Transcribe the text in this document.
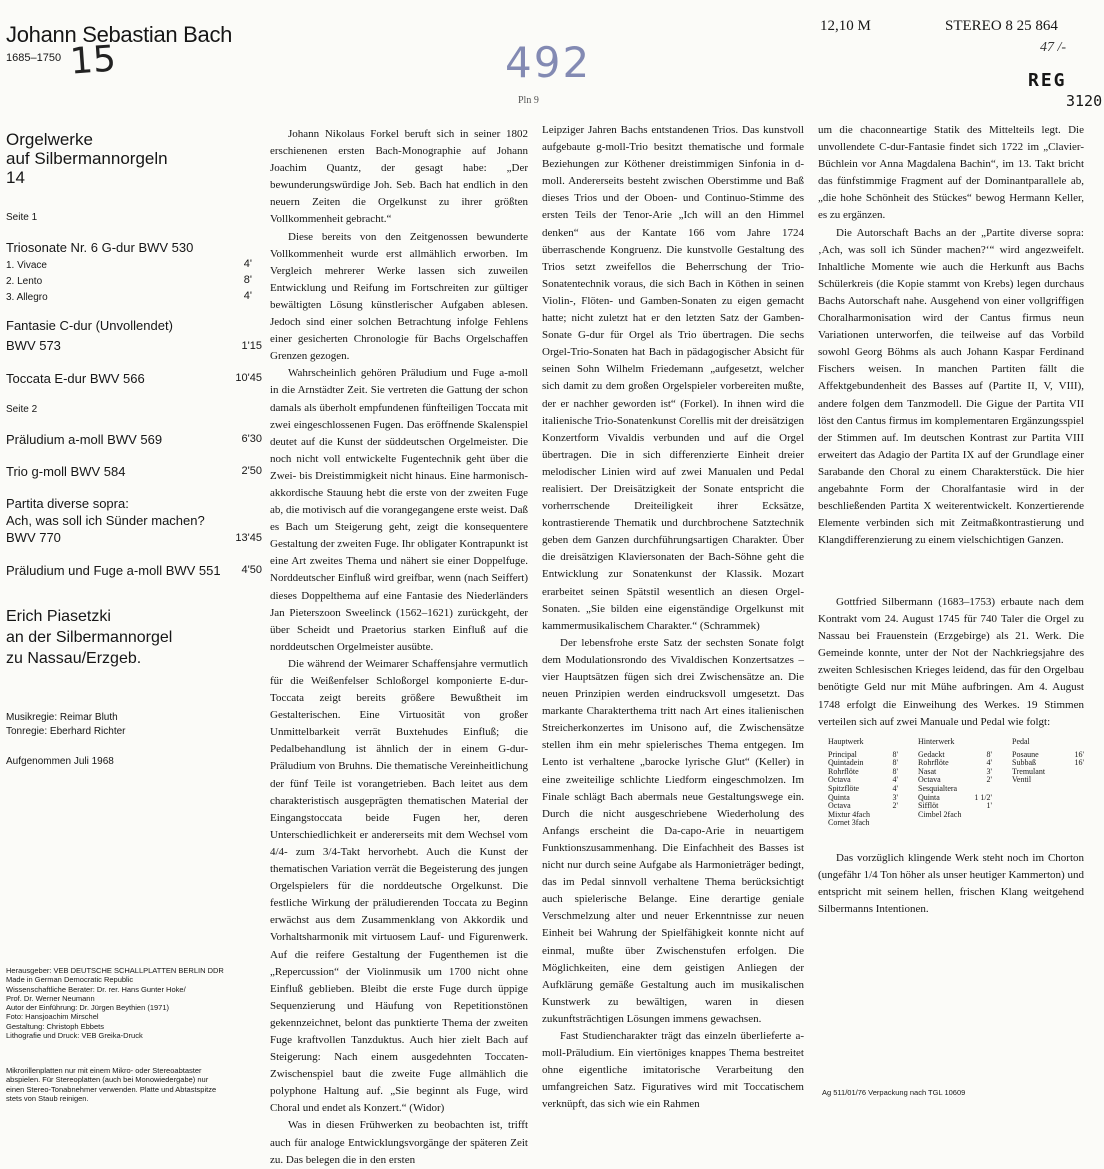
Johann Sebastian Bach
1685–1750 15	492
Pln 9
12,10 M	STEREO 8 25 864
47 /-
REG
3120
Orgelwerke
auf Silbermannorgeln
14
Seite 1
Triosonate Nr. 6 G-dur BWV 530
1. Vivace	4'
2. Lento	8'
3. Allegro	4'
Fantasie C-dur (Unvollendet)
BWV 573	1'15
Toccata E-dur BWV 566	10'45
Seite 2
Präludium a-moll BWV 569	6'30
Trio g-moll BWV 584	2'50
Partita diverse sopra:
Ach, was soll ich Sünder machen?
BWV 770	13'45
Präludium und Fuge a-moll BWV 551	4'50
Erich Piasetzki
an der Silbermannorgel
zu Nassau/Erzgeb.
Musikregie: Reimar Bluth
Tonregie: Eberhard Richter
Aufgenommen Juli 1968
Herausgeber: VEB DEUTSCHE SCHALLPLATTEN BERLIN DDR
Made in German Democratic Republic
Wissenschaftliche Berater: Dr. rer. Hans Gunter Hoke/
Prof. Dr. Werner Neumann
Autor der Einführung: Dr. Jürgen Beythien (1971)
Foto: Hansjoachim Mirschel
Gestaltung: Christoph Ebbets
Lithografie und Druck: VEB Greika-Druck
Mikrorillenplatten nur mit einem Mikro- oder Stereoabtaster
abspielen. Für Stereoplatten (auch bei Monowiedergabe) nur
einen Stereo-Tonabnehmer verwenden. Platte und Abtastspitze
stets von Staub reinigen.

Johann Nikolaus Forkel beruft sich in seiner 1802 erschienenen ersten Bach-Monographie auf Johann Joachim Quantz, der gesagt habe: „Der bewunderungswürdige Joh. Seb. Bach hat endlich in den neuern Zeiten die Orgelkunst zu ihrer größten Vollkommenheit gebracht.“

Diese bereits von den Zeitgenossen bewunderte Vollkommenheit wurde erst allmählich erworben. Im Vergleich mehrerer Werke lassen sich zuweilen Entwicklung und Reifung im Fortschreiten zur gültiger bewältigten Lösung künstlerischer Aufgaben ablesen. Jedoch sind einer solchen Betrachtung infolge Fehlens einer gesicherten Chronologie für Bachs Orgelschaffen Grenzen gezogen.

Wahrscheinlich gehören Präludium und Fuge a-moll in die Arnstädter Zeit. Sie vertreten die Gattung der schon damals als überholt empfundenen fünfteiligen Toccata mit zwei eingeschlossenen Fugen. Das eröffnende Skalenspiel deutet auf die Kunst der süddeutschen Orgelmeister. Die noch nicht voll entwickelte Fugentechnik geht über die Zwei- bis Dreistimmigkeit nicht hinaus. Eine harmonisch-akkordische Stauung hebt die erste von der zweiten Fuge ab, die motivisch auf die vorangegangene erste weist. Daß es Bach um Steigerung geht, zeigt die konsequentere Gestaltung der zweiten Fuge. Ihr obligater Kontrapunkt ist eine Art zweites Thema und nähert sie einer Doppelfuge. Norddeutscher Einfluß wird greifbar, wenn (nach Seiffert) dieses Doppelthema auf eine Fantasie des Niederländers Jan Pieterszoon Sweelinck (1562–1621) zurückgeht, der über Scheidt und Praetorius starken Einfluß auf die norddeutschen Orgelmeister ausübte.

Die während der Weimarer Schaffensjahre vermutlich für die Weißenfelser Schloßorgel komponierte E-dur-Toccata zeigt bereits größere Bewußtheit im Gestalterischen. Eine Virtuosität von großer Unmittelbarkeit verrät Buxtehudes Einfluß; die Pedalbehandlung ist ähnlich der in einem G-dur-Präludium von Bruhns. Die thematische Vereinheitlichung der fünf Teile ist vorangetrieben. Bach leitet aus dem charakteristisch ausgeprägten thematischen Material der Eingangstoccata beide Fugen her, deren Unterschiedlichkeit er andererseits mit dem Wechsel vom 4/4- zum 3/4-Takt hervorhebt. Auch die Kunst der thematischen Variation verrät die Begeisterung des jungen Orgelspielers für die norddeutsche Orgelkunst. Die festliche Wirkung der präludierenden Toccata zu Beginn erwächst aus dem Zusammenklang von Akkordik und Vorhaltsharmonik mit virtuosem Lauf- und Figurenwerk. Auf die reifere Gestaltung der Fugenthemen ist die „Repercussion“ der Violinmusik um 1700 nicht ohne Einfluß geblieben. Bleibt die erste Fuge durch üppige Sequenzierung und Häufung von Repetitionstönen gekennzeichnet, belont das punktierte Thema der zweiten Fuge kraftvollen Tanzduktus. Auch hier zielt Bach auf Steigerung: Nach einem ausgedehnten Toccaten-Zwischenspiel baut die zweite Fuge allmählich die polyphone Haltung auf. „Sie beginnt als Fuge, wird Choral und endet als Konzert.“ (Widor)

Was in diesen Frühwerken zu beobachten ist, trifft auch für analoge Entwicklungsvorgänge der späteren Zeit zu. Das belegen die in den ersten

Leipziger Jahren Bachs entstandenen Trios. Das kunstvoll aufgebaute g-moll-Trio besitzt thematische und formale Beziehungen zur Köthener dreistimmigen Sinfonia in d-moll. Andererseits besteht zwischen Oberstimme und Baß dieses Trios und der Oboen- und Continuo-Stimme des ersten Teils der Tenor-Arie „Ich will an den Himmel denken“ aus der Kantate 166 vom Jahre 1724 überraschende Kongruenz. Die kunstvolle Gestaltung des Trios setzt zweifellos die Beherrschung der Trio-Sonatentechnik voraus, die sich Bach in Köthen in seinen Violin-, Flöten- und Gamben-Sonaten zu eigen gemacht hatte; nicht zuletzt hat er den letzten Satz der Gamben-Sonate G-dur für Orgel als Trio übertragen. Die sechs Orgel-Trio-Sonaten hat Bach in pädagogischer Absicht für seinen Sohn Wilhelm Friedemann „aufgesetzt, welcher sich damit zu dem großen Orgelspieler vorbereiten mußte, der er nachher geworden ist“ (Forkel). In ihnen wird die italienische Trio-Sonatenkunst Corellis mit der dreisätzigen Konzertform Vivaldis verbunden und auf die Orgel übertragen. Die in sich differenzierte Einheit dreier melodischer Linien wird auf zwei Manualen und Pedal realisiert. Der Dreisätzigkeit der Sonate entspricht die vorherrschende Dreiteiligkeit ihrer Ecksätze, kontrastierende Thematik und durchbrochene Satztechnik geben dem Ganzen durchführungsartigen Charakter. Über die dreisätzigen Klaviersonaten der Bach-Söhne geht die Entwicklung zur Sonatenkunst der Klassik. Mozart erarbeitet seinen Spätstil wesentlich an diesen Orgel-Sonaten. „Sie bilden eine eigenständige Orgelkunst mit kammermusikalischem Charakter.“ (Schrammek)

Der lebensfrohe erste Satz der sechsten Sonate folgt dem Modulationsrondo des Vivaldischen Konzertsatzes – vier Hauptsätzen fügen sich drei Zwischensätze an. Die neuen Prinzipien werden eindrucksvoll umgesetzt. Das markante Charakterthema tritt nach Art eines italienischen Streicherkonzertes im Unisono auf, die Zwischensätze stellen ihm ein mehr spielerisches Thema entgegen. Im Lento ist verhaltene „barocke lyrische Glut“ (Keller) in eine zweiteilige schlichte Liedform eingeschmolzen. Im Finale schlägt Bach abermals neue Gestaltungswege ein. Durch die nicht ausgeschriebene Wiederholung des Anfangs erscheint die Da-capo-Arie in neuartigem Funktionszusammenhang. Die Einfachheit des Basses ist nicht nur durch seine Aufgabe als Harmonieträger bedingt, das im Pedal sinnvoll verhaltene Thema berücksichtigt auch spielerische Belange. Eine derartige geniale Verschmelzung alter und neuer Erkenntnisse zur neuen Einheit bei Wahrung der Spielfähigkeit konnte nicht auf einmal, mußte über Zwischenstufen erfolgen. Die Möglichkeiten, eine dem geistigen Anliegen der Aufklärung gemäße Gestaltung auch im musikalischen Kunstwerk zu bewältigen, waren in diesen zukunftsträchtigen Lösungen immens gewachsen.

Fast Studiencharakter trägt das einzeln überlieferte a-moll-Präludium. Ein viertöniges knappes Thema bestreitet ohne eigentliche imitatorische Verarbeitung den umfangreichen Satz. Figuratives wird mit Toccatischem verknüpft, das sich wie ein Rahmen

um die chaconneartige Statik des Mittelteils legt. Die unvollendete C-dur-Fantasie findet sich 1722 im „Clavier-Büchlein vor Anna Magdalena Bachin“, im 13. Takt bricht das fünfstimmige Fragment auf der Dominantparallele ab, „die hohe Schönheit des Stückes“ bewog Hermann Keller, es zu ergänzen.

Die Autorschaft Bachs an der „Partite diverse sopra: ‚Ach, was soll ich Sünder machen?‘“ wird angezweifelt. Inhaltliche Momente wie auch die Herkunft aus Bachs Schülerkreis (die Kopie stammt von Krebs) legen durchaus Bachs Autorschaft nahe. Ausgehend von einer vollgriffigen Choralharmonisation wird der Cantus firmus neun Variationen unterworfen, die teilweise auf das Vorbild sowohl Georg Böhms als auch Johann Kaspar Ferdinand Fischers weisen. In manchen Partiten fällt die Affektgebundenheit des Basses auf (Partite II, V, VIII), andere folgen dem Tanzmodell. Die Gigue der Partita VII löst den Cantus firmus im komplementaren Ergänzungsspiel der Stimmen auf. Im deutschen Kontrast zur Partita VIII erweitert das Adagio der Partita IX auf der Grundlage einer Sarabande den Choral zu einem Charakterstück. Die hier angebahnte Form der Choralfantasie wird in der beschließenden Partita X weiterentwickelt. Konzertierende Elemente verbinden sich mit Zeitmaßkontrastierung und Klangdifferenzierung zu einem vielschichtigen Ganzen.

Gottfried Silbermann (1683–1753) erbaute nach dem Kontrakt vom 24. August 1745 für 740 Taler die Orgel zu Nassau bei Frauenstein (Erzgebirge) als 21. Werk. Die Gemeinde konnte, unter der Not der Nachkriegsjahre des zweiten Schlesischen Krieges leidend, das für den Orgelbau benötigte Geld nur mit Mühe aufbringen. Am 4. August 1748 erfolgt die Einweihung des Werkes. 19 Stimmen verteilen sich auf zwei Manuale und Pedal wie folgt:

Hauptwerk
Principal	8'
Quintadein	8'
Rohrflöte	8'
Octava	4'
Spitzflöte	4'
Quinta	3'
Octava	2'
Mixtur 4fach
Cornet 3fach
Hinterwerk
Gedackt	8'
Rohrflöte	4'
Nasat	3'
Octava	2'
Sesquialtera
Quinta	1 1/2'
Sifflöt	1'
Cimbel 2fach
Pedal
Posaune	16'
Subbaß	16'
Tremulant
Ventil

Das vorzüglich klingende Werk steht noch im Chorton (ungefähr 1/4 Ton höher als unser heutiger Kammerton) und entspricht mit seinem hellen, frischen Klang weitgehend Silbermanns Intentionen.

Ag 511/01/76 Verpackung nach TGL 10609
